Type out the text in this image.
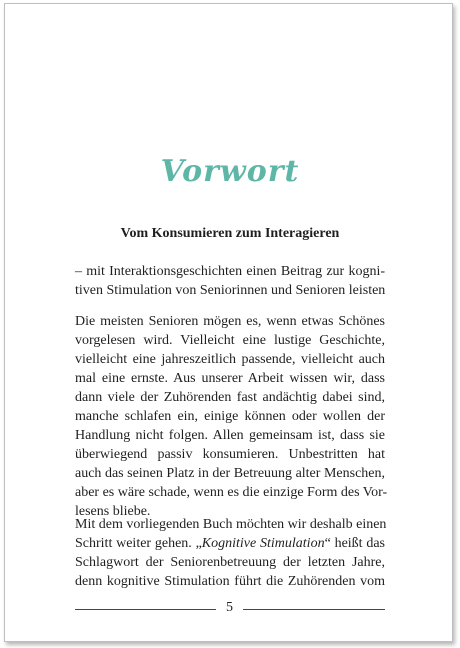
Vorwort
Vom Konsumieren zum Interagieren
– mit Interaktionsgeschichten einen Beitrag zur kogni-
tiven Stimulation von Seniorinnen und Senioren leisten
Die meisten Senioren mögen es, wenn etwas Schönes
vorgelesen wird. Vielleicht eine lustige Geschichte,
vielleicht eine jahreszeitlich passende, vielleicht auch
mal eine ernste. Aus unserer Arbeit wissen wir, dass
dann viele der Zuhörenden fast andächtig dabei sind,
manche schlafen ein, einige können oder wollen der
Handlung nicht folgen. Allen gemeinsam ist, dass sie
überwiegend passiv konsumieren. Unbestritten hat
auch das seinen Platz in der Betreuung alter Menschen,
aber es wäre schade, wenn es die einzige Form des Vor-
lesens bliebe.
Mit dem vorliegenden Buch möchten wir deshalb einen
Schritt weiter gehen. „Kognitive Stimulation“ heißt das
Schlagwort der Seniorenbetreuung der letzten Jahre,
denn kognitive Stimulation führt die Zuhörenden vom
5
